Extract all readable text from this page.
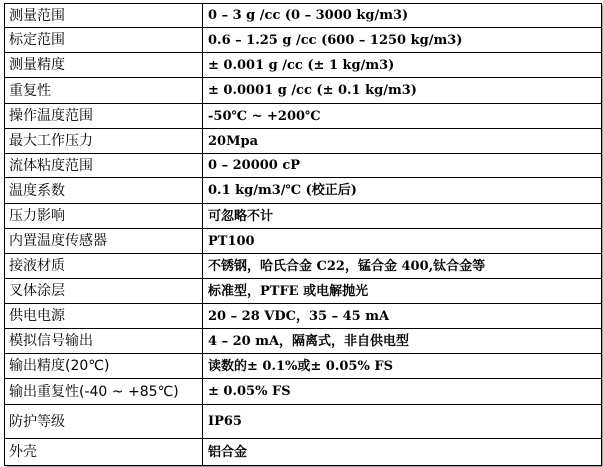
测量范围	0 – 3 g /cc (0 – 3000 kg/m3)
标定范围	0.6 – 1.25 g /cc (600 – 1250 kg/m3)
测量精度	± 0.001 g /cc (± 1 kg/m3)
重复性	± 0.0001 g /cc (± 0.1 kg/m3)
操作温度范围	-50℃ ~ +200℃
最大工作压力	20Mpa
流体粘度范围	0 – 20000 cP
温度系数	0.1 kg/m3/℃ (校正后)
压力影响	可忽略不计
内置温度传感器	PT100
接液材质	不锈钢，哈氏合金 C22，锰合金 400,钛合金等
叉体涂层	标准型，PTFE 或电解抛光
供电电源	20 – 28 VDC，35 – 45 mA
模拟信号输出	4 – 20 mA，隔离式，非自供电型
输出精度(20℃)	读数的± 0.1%或± 0.05% FS
输出重复性(-40 ~ +85℃)	± 0.05% FS
防护等级	IP65
外壳	铝合金
